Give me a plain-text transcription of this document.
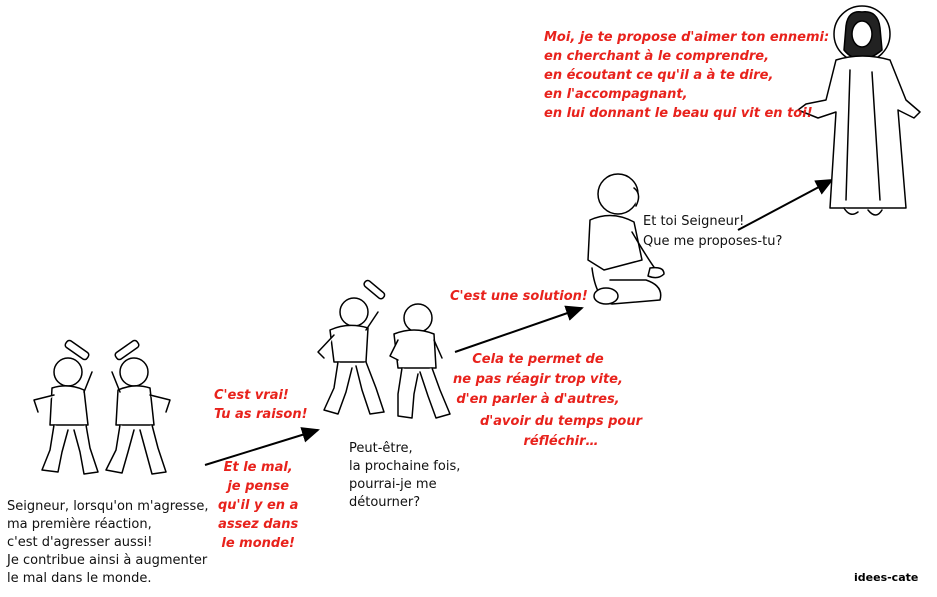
Moi, je te propose d'aimer ton ennemi:
en cherchant à le comprendre,
en écoutant ce qu'il a à te dire,
en l'accompagnant,
en lui donnant le beau qui vit en toi!
Et toi Seigneur!
Que me proposes-tu?
C'est une solution!
Cela te permet de
ne pas réagir trop vite,
d'en parler à d'autres,
d'avoir du temps pour
réfléchir…
Peut-être,
la prochaine fois,
pourrai-je me
détourner?
C'est vrai!
Tu as raison!
Et le mal,
je pense
qu'il y en a
assez dans
le monde!
Seigneur, lorsqu'on m'agresse,
ma première réaction,
c'est d'agresser aussi!
Je contribue ainsi à augmenter
le mal dans le monde.	idees-cate
